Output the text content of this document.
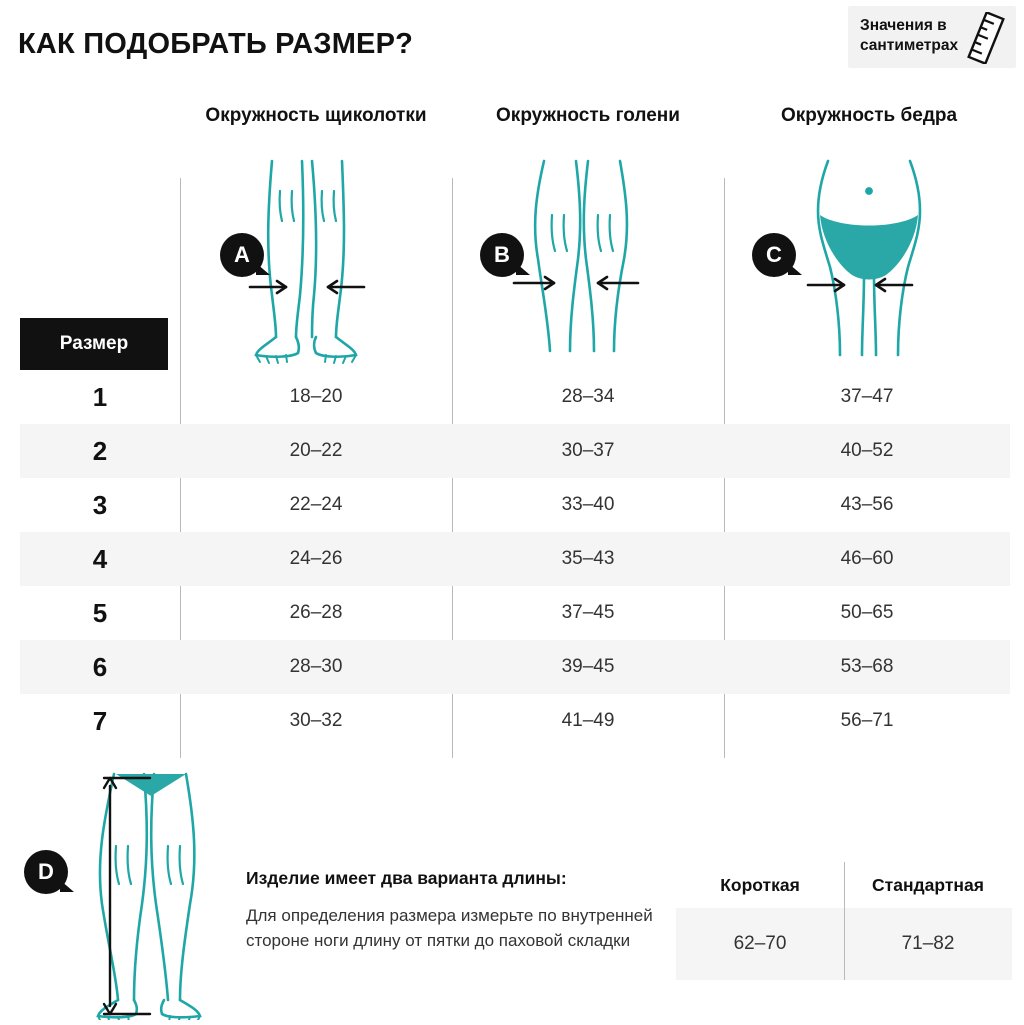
КАК ПОДОБРАТЬ РАЗМЕР?
Значения в сантиметрах
Окружность щиколотки	Окружность голени	Окружность бедра
A	B	C
Размер
1	18–20	28–34	37–47
2	20–22	30–37	40–52
3	22–24	33–40	43–56
4	24–26	35–43	46–60
5	26–28	37–45	50–65
6	28–30	39–45	53–68
7	30–32	41–49	56–71
D	Изделие имеет два варианта длины:
Для определения размера измерьте по внутренней стороне ноги длину от пятки до паховой складки
Короткая	Стандартная
62–70	71–82
